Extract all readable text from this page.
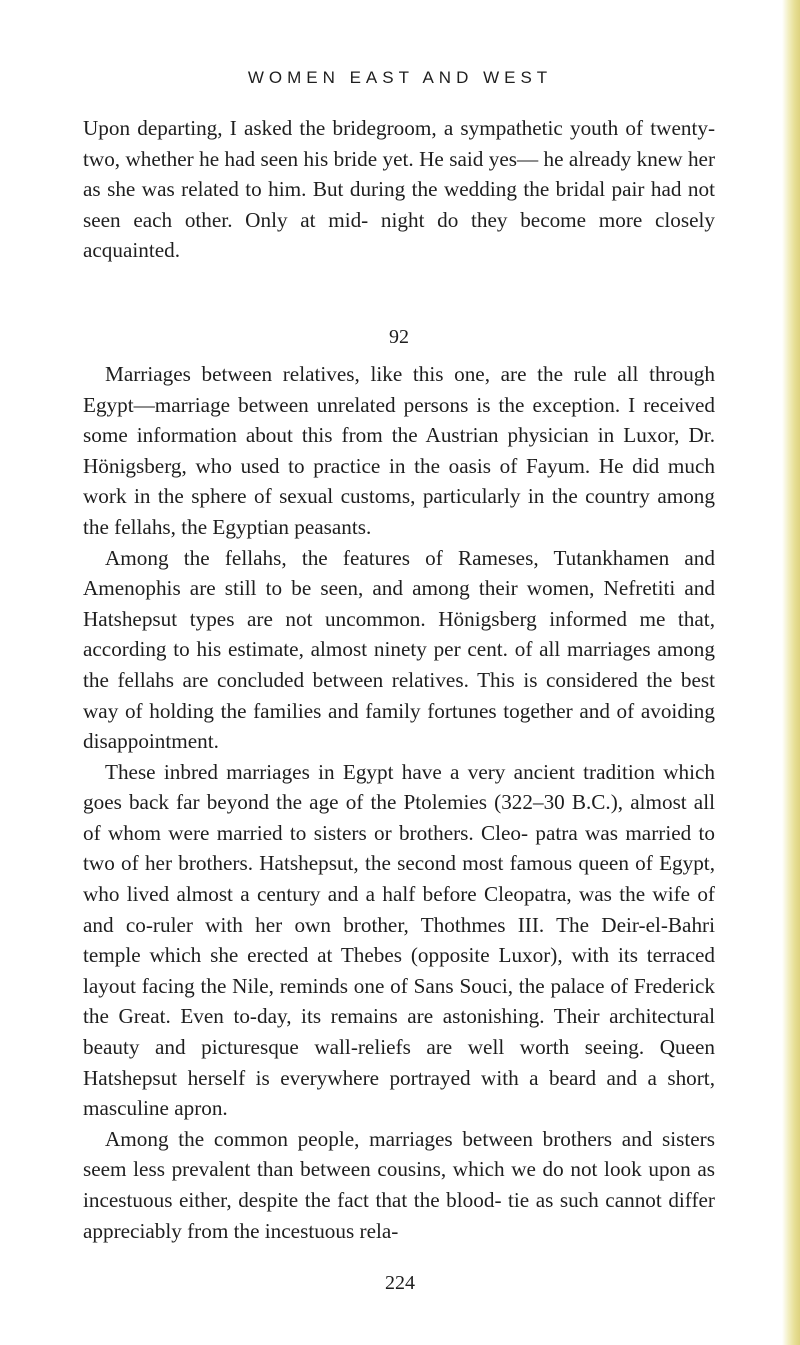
WOMEN EAST AND WEST

Upon departing, I asked the bridegroom, a sympathetic youth of twenty-two, whether he had seen his bride yet. He said yes— he already knew her as she was related to him. But during the wedding the bridal pair had not seen each other. Only at mid- night do they become more closely acquainted.

92

Marriages between relatives, like this one, are the rule all through Egypt—marriage between unrelated persons is the exception. I received some information about this from the Austrian physician in Luxor, Dr. Hönigsberg, who used to practice in the oasis of Fayum. He did much work in the sphere of sexual customs, particularly in the country among the fellahs, the Egyptian peasants.

Among the fellahs, the features of Rameses, Tutankhamen and Amenophis are still to be seen, and among their women, Nefretiti and Hatshepsut types are not uncommon. Hönigsberg informed me that, according to his estimate, almost ninety per cent. of all marriages among the fellahs are concluded between relatives. This is considered the best way of holding the families and family fortunes together and of avoiding disappointment.

These inbred marriages in Egypt have a very ancient tradition which goes back far beyond the age of the Ptolemies (322–30 B.C.), almost all of whom were married to sisters or brothers. Cleo- patra was married to two of her brothers. Hatshepsut, the second most famous queen of Egypt, who lived almost a century and a half before Cleopatra, was the wife of and co-ruler with her own brother, Thothmes III. The Deir-el-Bahri temple which she erected at Thebes (opposite Luxor), with its terraced layout facing the Nile, reminds one of Sans Souci, the palace of Frederick the Great. Even to-day, its remains are astonishing. Their architectural beauty and picturesque wall-reliefs are well worth seeing. Queen Hatshepsut herself is everywhere portrayed with a beard and a short, masculine apron.

Among the common people, marriages between brothers and sisters seem less prevalent than between cousins, which we do not look upon as incestuous either, despite the fact that the blood- tie as such cannot differ appreciably from the incestuous rela-

224
